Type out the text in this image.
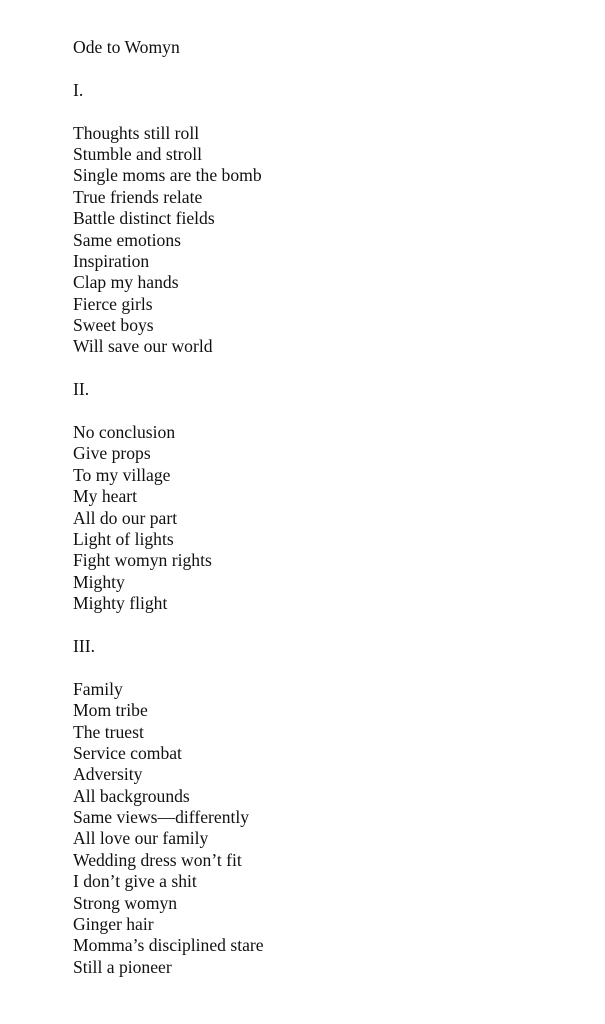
Ode to Womyn
I.
Thoughts still roll
Stumble and stroll
Single moms are the bomb
True friends relate
Battle distinct fields
Same emotions
Inspiration
Clap my hands
Fierce girls
Sweet boys
Will save our world
II.
No conclusion
Give props
To my village
My heart
All do our part
Light of lights
Fight womyn rights
Mighty
Mighty flight
III.
Family
Mom tribe
The truest
Service combat
Adversity
All backgrounds
Same views—differently
All love our family
Wedding dress won’t fit
I don’t give a shit
Strong womyn
Ginger hair
Momma’s disciplined stare
Still a pioneer
